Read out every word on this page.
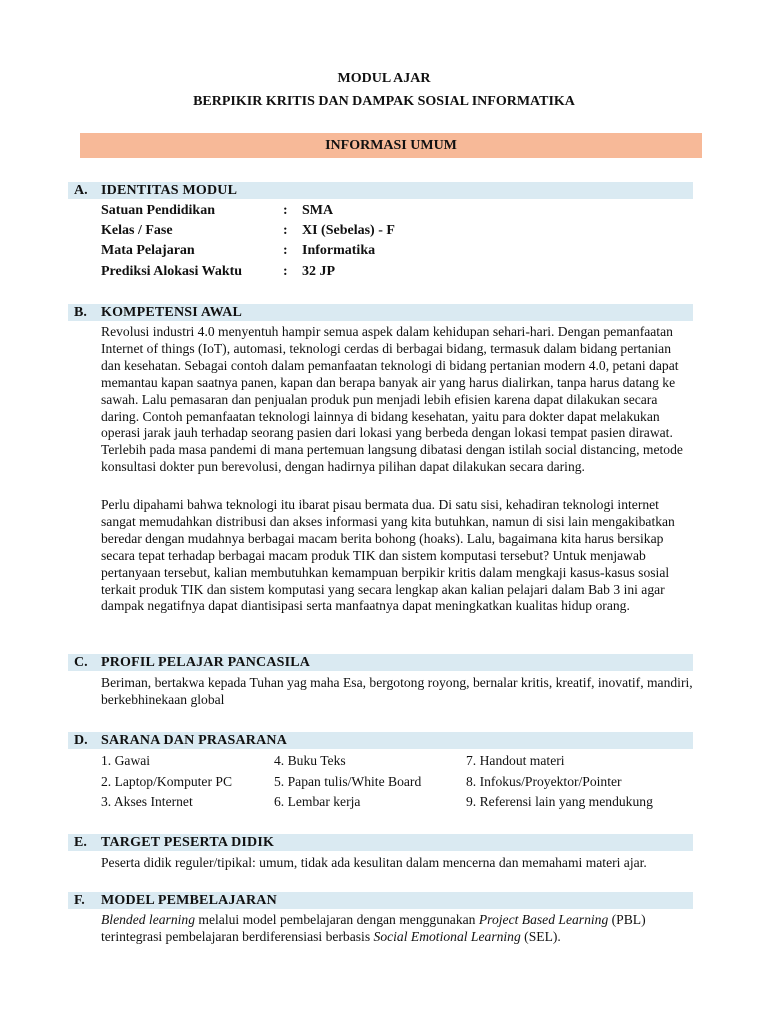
MODUL AJAR
BERPIKIR KRITIS DAN DAMPAK SOSIAL INFORMATIKA
INFORMASI UMUM
A. IDENTITAS MODUL
Satuan Pendidikan	: SMA
Kelas / Fase	: XI (Sebelas) - F
Mata Pelajaran	: Informatika
Prediksi Alokasi Waktu	: 32 JP
B. KOMPETENSI AWAL

Revolusi industri 4.0 menyentuh hampir semua aspek dalam kehidupan sehari-hari. Dengan pemanfaatan Internet of things (IoT), automasi, teknologi cerdas di berbagai bidang, termasuk dalam bidang pertanian dan kesehatan. Sebagai contoh dalam pemanfaatan teknologi di bidang pertanian modern 4.0, petani dapat memantau kapan saatnya panen, kapan dan berapa banyak air yang harus dialirkan, tanpa harus datang ke sawah. Lalu pemasaran dan penjualan produk pun menjadi lebih efisien karena dapat dilakukan secara daring. Contoh pemanfaatan teknologi lainnya di bidang kesehatan, yaitu para dokter dapat melakukan operasi jarak jauh terhadap seorang pasien dari lokasi yang berbeda dengan lokasi tempat pasien dirawat. Terlebih pada masa pandemi di mana pertemuan langsung dibatasi dengan istilah social distancing, metode konsultasi dokter pun berevolusi, dengan hadirnya pilihan dapat dilakukan secara daring.

Perlu dipahami bahwa teknologi itu ibarat pisau bermata dua. Di satu sisi, kehadiran teknologi internet sangat memudahkan distribusi dan akses informasi yang kita butuhkan, namun di sisi lain mengakibatkan beredar dengan mudahnya berbagai macam berita bohong (hoaks). Lalu, bagaimana kita harus bersikap secara tepat terhadap berbagai macam produk TIK dan sistem komputasi tersebut? Untuk menjawab pertanyaan tersebut, kalian membutuhkan kemampuan berpikir kritis dalam mengkaji kasus-kasus sosial terkait produk TIK dan sistem komputasi yang secara lengkap akan kalian pelajari dalam Bab 3 ini agar dampak negatifnya dapat diantisipasi serta manfaatnya dapat meningkatkan kualitas hidup orang.

C. PROFIL PELAJAR PANCASILA

Beriman, bertakwa kepada Tuhan yag maha Esa, bergotong royong, bernalar kritis, kreatif, inovatif, mandiri, berkebhinekaan global

D. SARANA DAN PRASARANA
1. Gawai	4. Buku Teks	7. Handout materi
2. Laptop/Komputer PC	5. Papan tulis/White Board	8. Infokus/Proyektor/Pointer
3. Akses Internet	6. Lembar kerja	9. Referensi lain yang mendukung
E. TARGET PESERTA DIDIK

Peserta didik reguler/tipikal: umum, tidak ada kesulitan dalam mencerna dan memahami materi ajar.

F. MODEL PEMBELAJARAN

Blended learning melalui model pembelajaran dengan menggunakan Project Based Learning (PBL) terintegrasi pembelajaran berdiferensiasi berbasis Social Emotional Learning (SEL).
